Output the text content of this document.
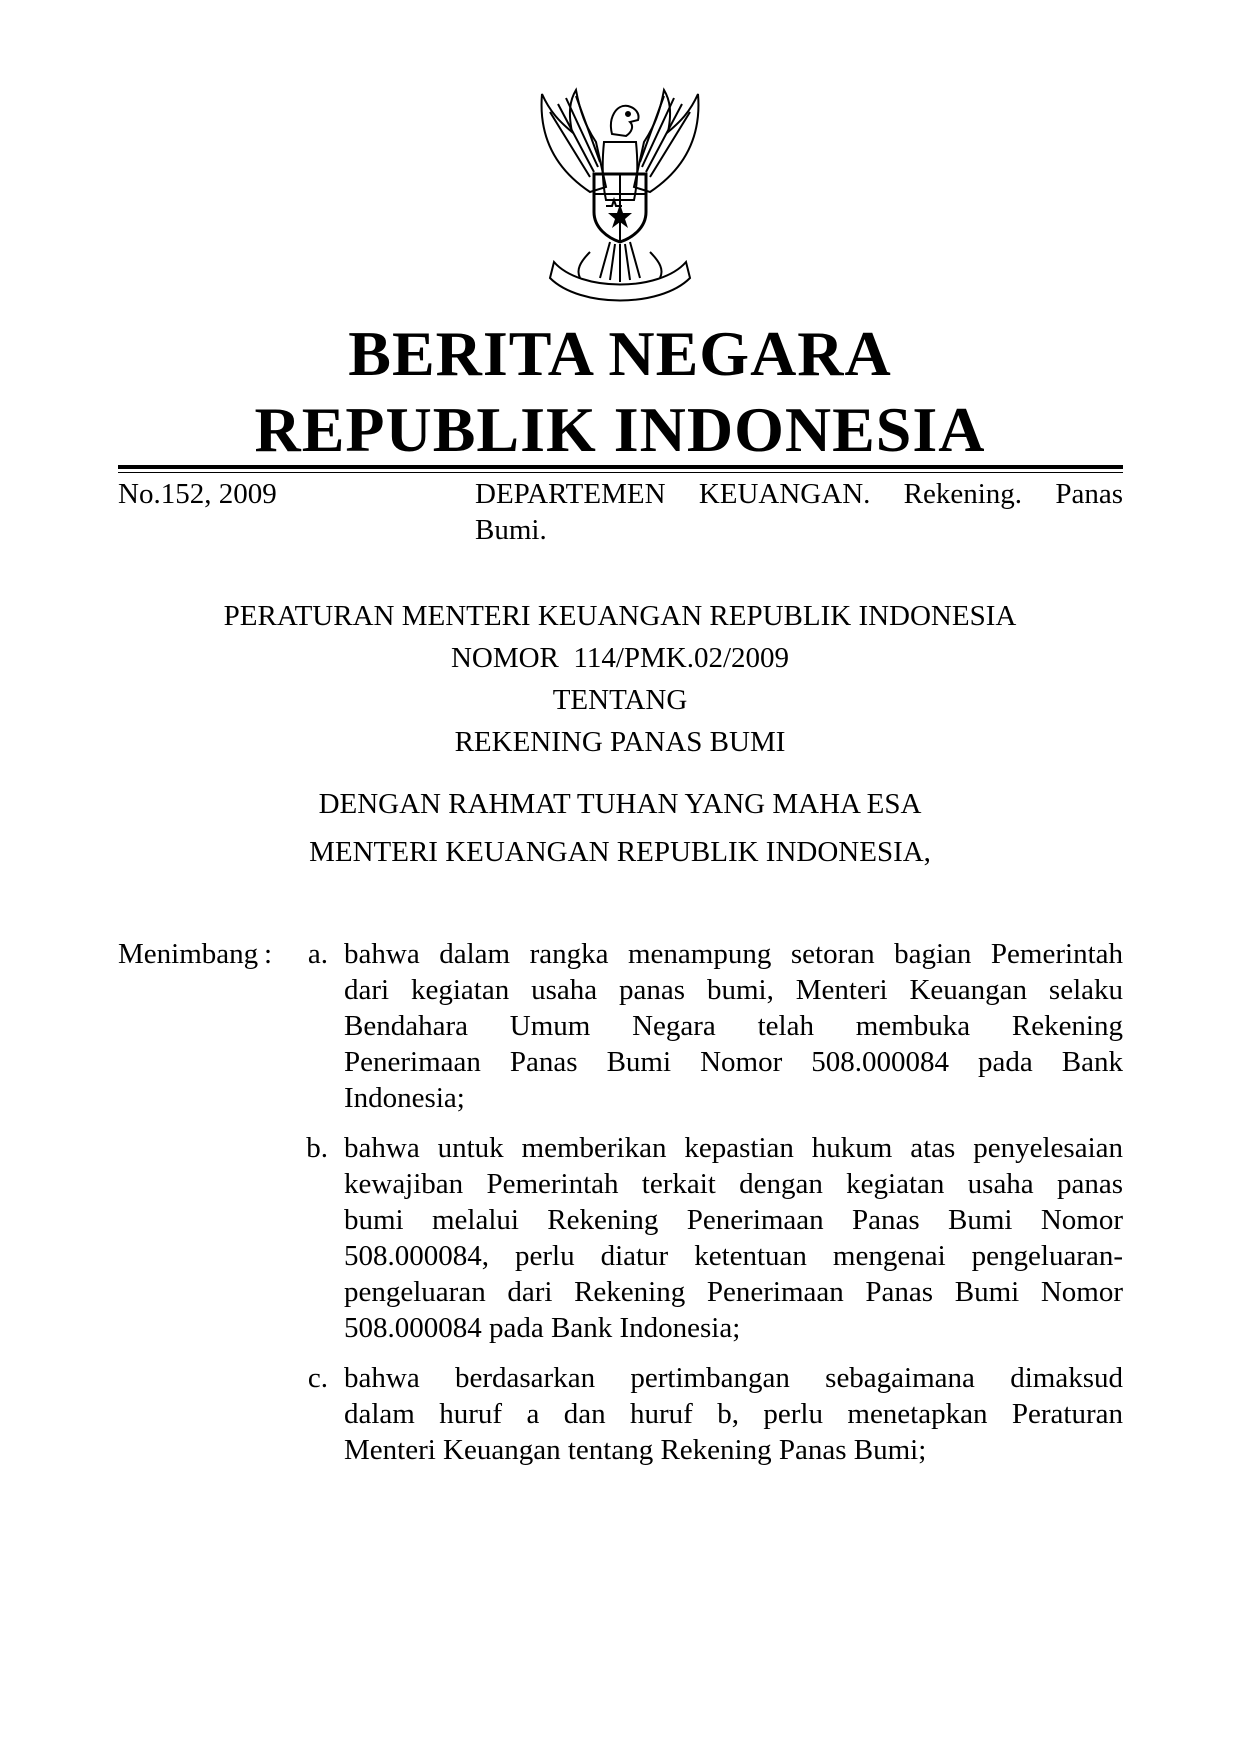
BERITA NEGARA
REPUBLIK INDONESIA
No.152, 2009	DEPARTEMEN  KEUANGAN.  Rekening.  Panas
Bumi.
PERATURAN MENTERI KEUANGAN REPUBLIK INDONESIA
NOMOR  114/PMK.02/2009
TENTANG
REKENING PANAS BUMI
DENGAN RAHMAT TUHAN YANG MAHA ESA
MENTERI KEUANGAN REPUBLIK INDONESIA,
Menimbang :	a. bahwa dalam rangka menampung setoran bagian Pemerintah
dari kegiatan usaha panas bumi, Menteri Keuangan selaku
Bendahara Umum Negara telah membuka Rekening
Penerimaan Panas Bumi Nomor 508.000084 pada Bank
Indonesia;
b. bahwa untuk memberikan kepastian hukum atas penyelesaian
kewajiban Pemerintah terkait dengan kegiatan usaha panas
bumi melalui Rekening Penerimaan Panas Bumi Nomor
508.000084, perlu diatur ketentuan mengenai pengeluaran-
pengeluaran dari Rekening Penerimaan Panas Bumi Nomor
508.000084 pada Bank Indonesia;
c. bahwa berdasarkan pertimbangan sebagaimana dimaksud
dalam huruf a dan huruf b, perlu menetapkan Peraturan
Menteri Keuangan tentang Rekening Panas Bumi;
